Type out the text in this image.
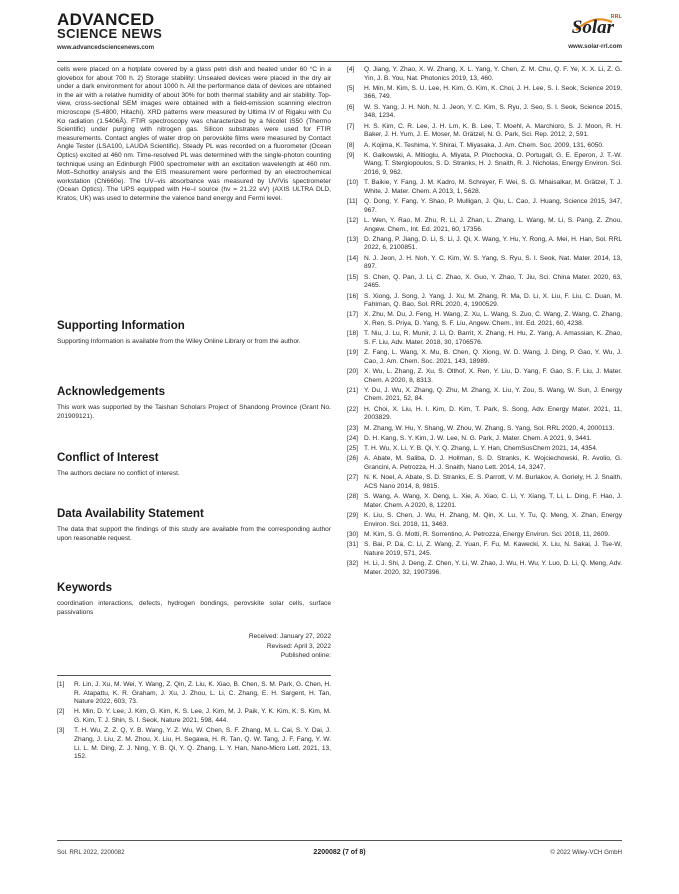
ADVANCED
SCIENCE NEWS
www.advancedsciencenews.com
Solar
RRL
www.solar-rrl.com

cells were placed on a hotplate covered by a glass petri dish and heated under 60 °C in a glovebox for about 700 h. 2) Storage stability: Unsealed devices were placed in the dry air under a dark environment for about 1000 h. All the performance data of devices are obtained in the air with a relative humidity of about 30% for both thermal stability and air stability. Top-view, cross-sectional SEM images were obtained with a field-emission scanning electron microscope (S-4800, Hitachi). XRD patterns were measured by Ultima IV of Rigaku with Cu Kα radiation (1.5406Å). FTIR spectroscopy was characterized by a Nicolet iS50 (Thermo Scientific) under purging with nitrogen gas. Silicon substrates were used for FTIR measurements. Contact angles of water drop on perovskite films were measured by Contact Angle Tester (LSA100, LAUDA Scientific). Steady PL was recorded on a fluorometer (Ocean Optics) excited at 460 nm. Time-resolved PL was determined with the single-photon counting technique using an Edinburgh F900 spectrometer with an excitation wavelength at 460 nm. Mott–Schottky analysis and the EIS measurement were performed by an electrochemical workstation (Chi660e). The UV–vis absorbance was measured by UV/Vis spectrometer (Ocean Optics). The UPS equipped with He–I source (hν = 21.22 eV) (AXIS ULTRA DLD, Kratos, UK) was used to determine the valence band energy and Fermi level.

Supporting Information

Supporting Information is available from the Wiley Online Library or from the author.

Acknowledgements

This work was supported by the Taishan Scholars Project of Shandong Province (Grant No. 201909121).

Conflict of Interest

The authors declare no conflict of interest.

Data Availability Statement

The data that support the findings of this study are available from the corresponding author upon reasonable request.

Keywords

coordination interactions, defects, hydrogen bondings, perovskite solar cells, surface passivations

Received: January 27, 2022
Revised: April 3, 2022
Published online:
[1]	R. Lin, J. Xu, M. Wei, Y. Wang, Z. Qin, Z. Liu, K. Xiao, B. Chen, S. M. Park, G. Chen, H. R. Atapattu, K. R. Graham, J. Xu, J. Zhou, L. Li, C. Zhang, E. H. Sargent, H. Tan, Nature 2022, 603, 73.
[2]	H. Min, D. Y. Lee, J. Kim, G. Kim, K. S. Lee, J. Kim, M. J. Paik, Y. K. Kim, K. S. Kim, M. G. Kim, T. J. Shin, S. I. Seok, Nature 2021, 598, 444.
[3]	T. H. Wu, Z. Z. Q, Y. B. Wang, Y. Z. Wu, W. Chen, S. F. Zhang, M. L. Cai, S. Y. Dai, J. Zhang, J. Liu, Z. M. Zhou, X. Liu, H. Segawa, H. R. Tan, Q. W. Tang, J. F. Fang, Y. W. Li, L. M. Ding, Z. J. Ning, Y. B. Qi, Y. Q. Zhang, L. Y. Han, Nano-Micro Lett. 2021, 13, 152.
[4]	Q. Jiang, Y. Zhao, X. W. Zhang, X. L. Yang, Y. Chen, Z. M. Chu, Q. F. Ye, X. X. Li, Z. G. Yin, J. B. You, Nat. Photonics 2019, 13, 460.
[5]	H. Min, M. Kim, S. U. Lee, H. Kim, G. Kim, K. Choi, J. H. Lee, S. I. Seok, Science 2019, 366, 749.
[6]	W. S. Yang, J. H. Noh, N. J. Jeon, Y. C. Kim, S. Ryu, J. Seo, S. I. Seok, Science 2015, 348, 1234.
[7]	H. S. Kim, C. R. Lee, J. H. Lm, K. B. Lee, T. Moehl, A. Marchioro, S. J. Moon, R. H. Baker, J. H. Yum, J. E. Moser, M. Grätzel, N. G. Park, Sci. Rep. 2012, 2, 591.
[8]	A. Kojima, K. Teshima, Y. Shirai, T. Miyasaka, J. Am. Chem. Soc. 2009, 131, 6050.
[9]	K. Galkowski, A. Mitioglu, A. Miyata, P. Plochocka, O. Portugall, G. E. Eperon, J. T.-W. Wang, T. Stergiopoulos, S. D. Stranks, H. J. Snaith, R. J. Nicholas, Energy Environ. Sci. 2016, 9, 962.
[10] T. Baikie, Y. Fang, J. M. Kadro, M. Schreyer, F. Wei, S. G. Mhaisalkar, M. Grätzel, T. J. White, J. Mater. Chem. A 2013, 1, 5628.
[11] Q. Dong, Y. Fang, Y. Shao, P. Mulligan, J. Qiu, L. Cao, J. Huang, Science 2015, 347, 967.
[12] L. Wen, Y. Rao, M. Zhu, R. Li, J. Zhan, L. Zhang, L. Wang, M. Li, S. Pang, Z. Zhou, Angew. Chem., Int. Ed. 2021, 60, 17356.
[13] D. Zhang, P. Jiang, D. Li, S. Li, J. Qi, X. Wang, Y. Hu, Y. Rong, A. Mei, H. Han, Sol. RRL 2022, 6, 2100851.
[14] N. J. Jeon, J. H. Noh, Y. C. Kim, W. S. Yang, S. Ryu, S. I. Seok, Nat. Mater. 2014, 13, 897.
[15] S. Chen, Q. Pan, J. Li, C. Zhao, X. Guo, Y. Zhao, T. Jiu, Sci. China Mater. 2020, 63, 2465.
[16] S. Xiong, J. Song, J. Yang, J. Xu, M. Zhang, R. Ma, D. Li, X. Liu, F. Liu, C. Duan, M. Fahlman, Q. Bao, Sol. RRL 2020, 4, 1900529.
[17] X. Zhu, M. Du, J. Feng, H. Wang, Z. Xu, L. Wang, S. Zuo, C. Wang, Z. Wang, C. Zhang, X. Ren, S. Priya, D. Yang, S. F. Liu, Angew. Chem., Int. Ed. 2021, 60, 4238.
[18] T. Niu, J. Lu, R. Munir, J. Li, D. Barrit, X. Zhang, H. Hu, Z. Yang, A. Amassian, K. Zhao, S. F. Liu, Adv. Mater. 2018, 30, 1706576.
[19] Z. Fang, L. Wang, X. Mu, B. Chen, Q. Xiong, W. D. Wang, J. Ding, P. Gao, Y. Wu, J. Cao, J. Am. Chem. Soc. 2021, 143, 18989.
[20] X. Wu, L. Zhang, Z. Xu, S. Olthof, X. Ren, Y. Liu, D. Yang, F. Gao, S. F. Liu, J. Mater. Chem. A 2020, 8, 8313.
[21] Y. Du, J. Wu, X. Zhang, Q. Zhu, M. Zhang, X. Liu, Y. Zou, S. Wang, W. Sun, J. Energy Chem. 2021, 52, 84.
[22] H. Choi, X. Liu, H. I. Kim, D. Kim, T. Park, S. Song, Adv. Energy Mater. 2021, 11, 2003829.
[23] M. Zhang, W. Hu, Y. Shang, W. Zhou, W. Zhang, S. Yang, Sol. RRL 2020, 4, 2000113.
[24] D. H. Kang, S. Y. Kim, J. W. Lee, N. G. Park, J. Mater. Chem. A 2021, 9, 3441.
[25] T. H. Wu, X. Li, Y. B. Qi, Y. Q. Zhang, L. Y. Han, ChemSusChem 2021, 14, 4354.
[26] A. Abate, M. Saliba, D. J. Hollman, S. D. Stranks, K. Wojciechowski, R. Avolio, G. Grancini, A. Petrozza, H. J. Snaith, Nano Lett. 2014, 14, 3247.
[27] N. K. Noel, A. Abate, S. D. Stranks, E. S. Parrott, V. M. Burlakov, A. Goriely, H. J. Snaith, ACS Nano 2014, 8, 9815.
[28] S. Wang, A. Wang, X. Deng, L. Xie, A. Xiao, C. Li, Y. Xiang, T. Li, L. Ding, F. Hao, J. Mater. Chem. A 2020, 8, 12201.
[29] K. Liu, S. Chen, J. Wu, H. Zhang, M. Qin, X. Lu, Y. Tu, Q. Meng, X. Zhan, Energy Environ. Sci. 2018, 11, 3463.
[30] M. Kim, S. G. Motti, R. Sorrentino, A. Petrozza, Energy Environ. Sci. 2018, 11, 2609.
[31] S. Bai, P. Da, C. Li, Z. Wang, Z. Yuan, F. Fu, M. Kawecki, X. Liu, N. Sakai, J. Tse-W, Nature 2019, 571, 245.
[32] H. Li, J. Shi, J. Deng, Z. Chen, Y. Li, W. Zhao, J. Wu, H. Wu, Y. Luo, D. Li, Q. Meng, Adv. Mater. 2020, 32, 1907396.
Sol. RRL 2022, 2200082	2200082 (7 of 8)	© 2022 Wiley-VCH GmbH
